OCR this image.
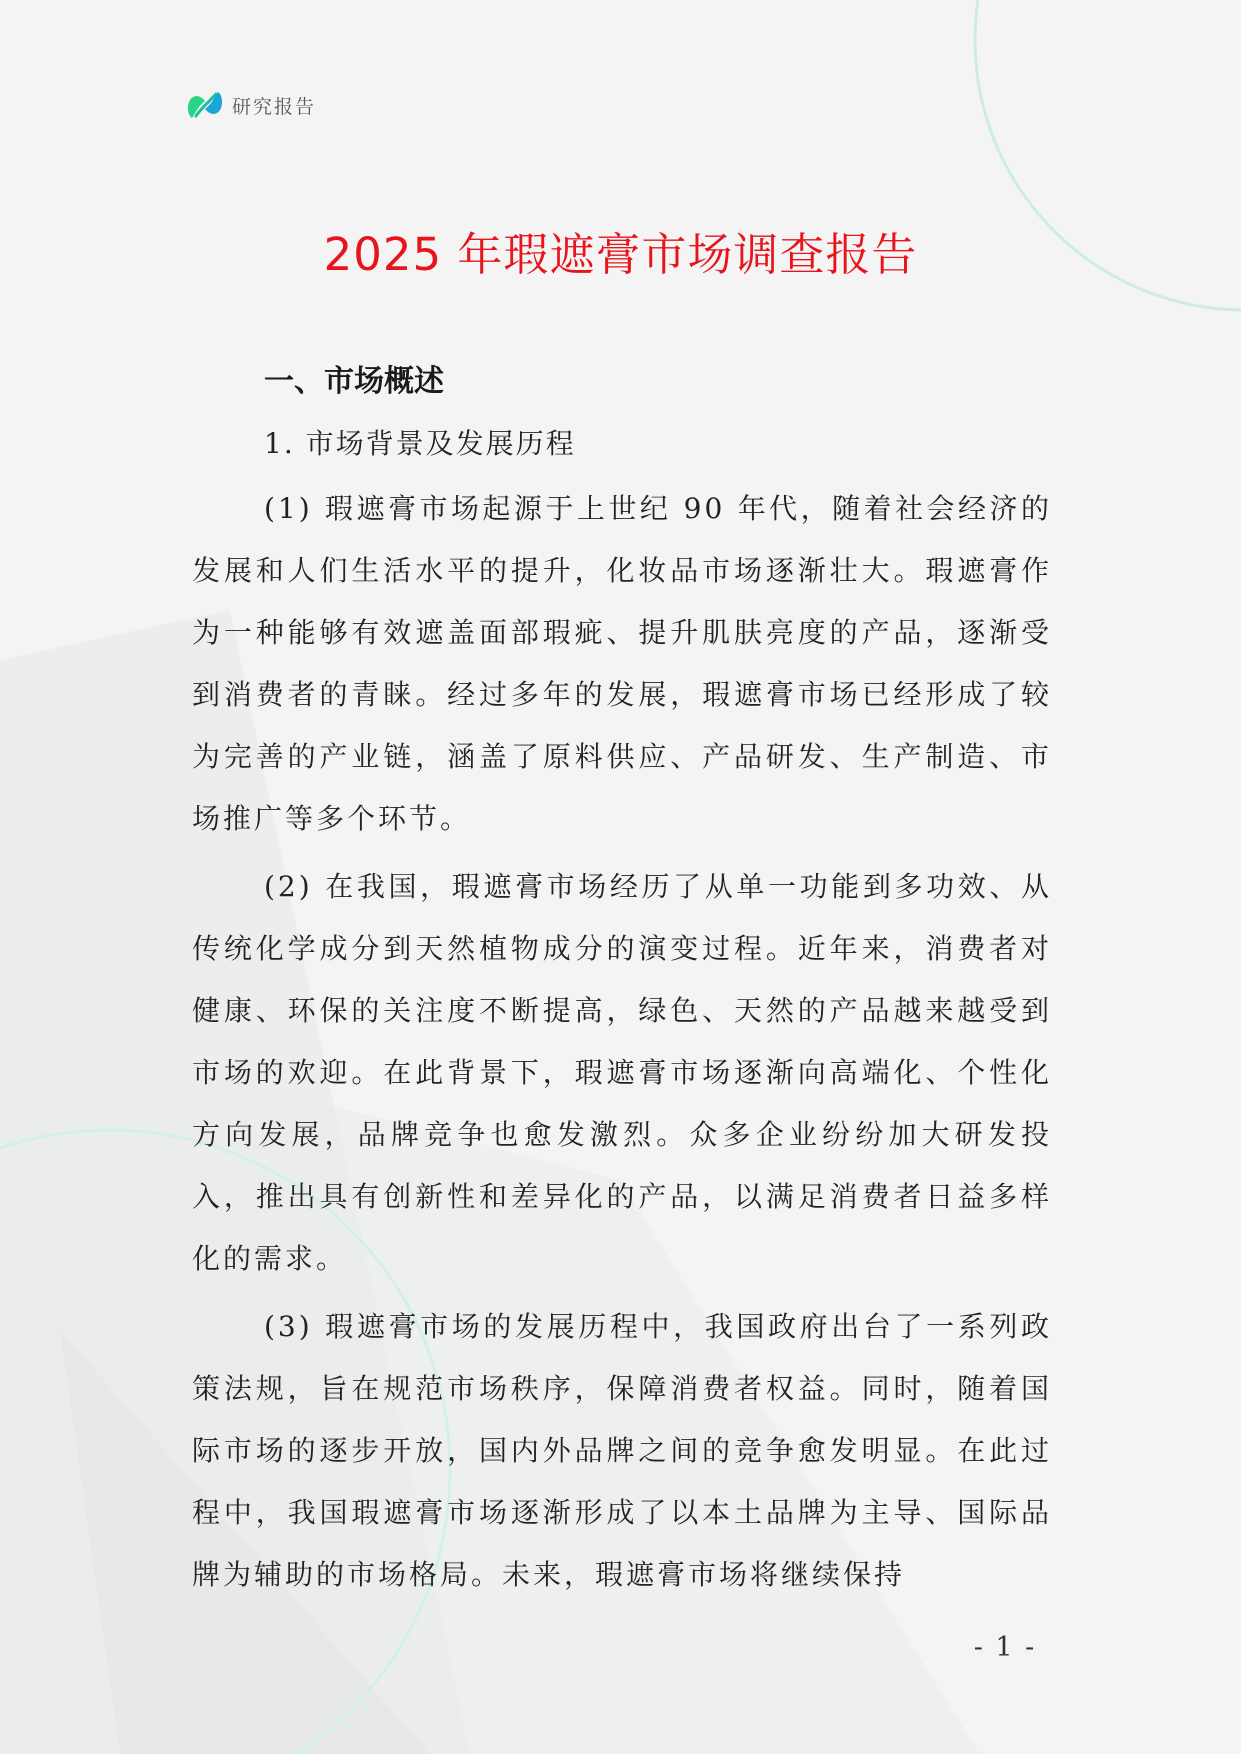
研究报告
2025 年瑕遮膏市场调查报告
一、市场概述
1. 市场背景及发展历程

(1) 瑕遮膏市场起源于上世纪 90 年代，随着社会经济的发展和人们生活水平的提升，化妆品市场逐渐壮大。瑕遮膏作为一种能够有效遮盖面部瑕疵、提升肌肤亮度的产品，逐渐受到消费者的青睐。经过多年的发展，瑕遮膏市场已经形成了较为完善的产业链，涵盖了原料供应、产品研发、生产制造、市场推广等多个环节。

(2) 在我国，瑕遮膏市场经历了从单一功能到多功效、从传统化学成分到天然植物成分的演变过程。近年来，消费者对健康、环保的关注度不断提高，绿色、天然的产品越来越受到市场的欢迎。在此背景下，瑕遮膏市场逐渐向高端化、个性化方向发展，品牌竞争也愈发激烈。众多企业纷纷加大研发投入，推出具有创新性和差异化的产品，以满足消费者日益多样化的需求。

(3) 瑕遮膏市场的发展历程中，我国政府出台了一系列政策法规，旨在规范市场秩序，保障消费者权益。同时，随着国际市场的逐步开放，国内外品牌之间的竞争愈发明显。在此过程中，我国瑕遮膏市场逐渐形成了以本土品牌为主导、国际品牌为辅助的市场格局。未来，瑕遮膏市场将继续保持

- 1 -
